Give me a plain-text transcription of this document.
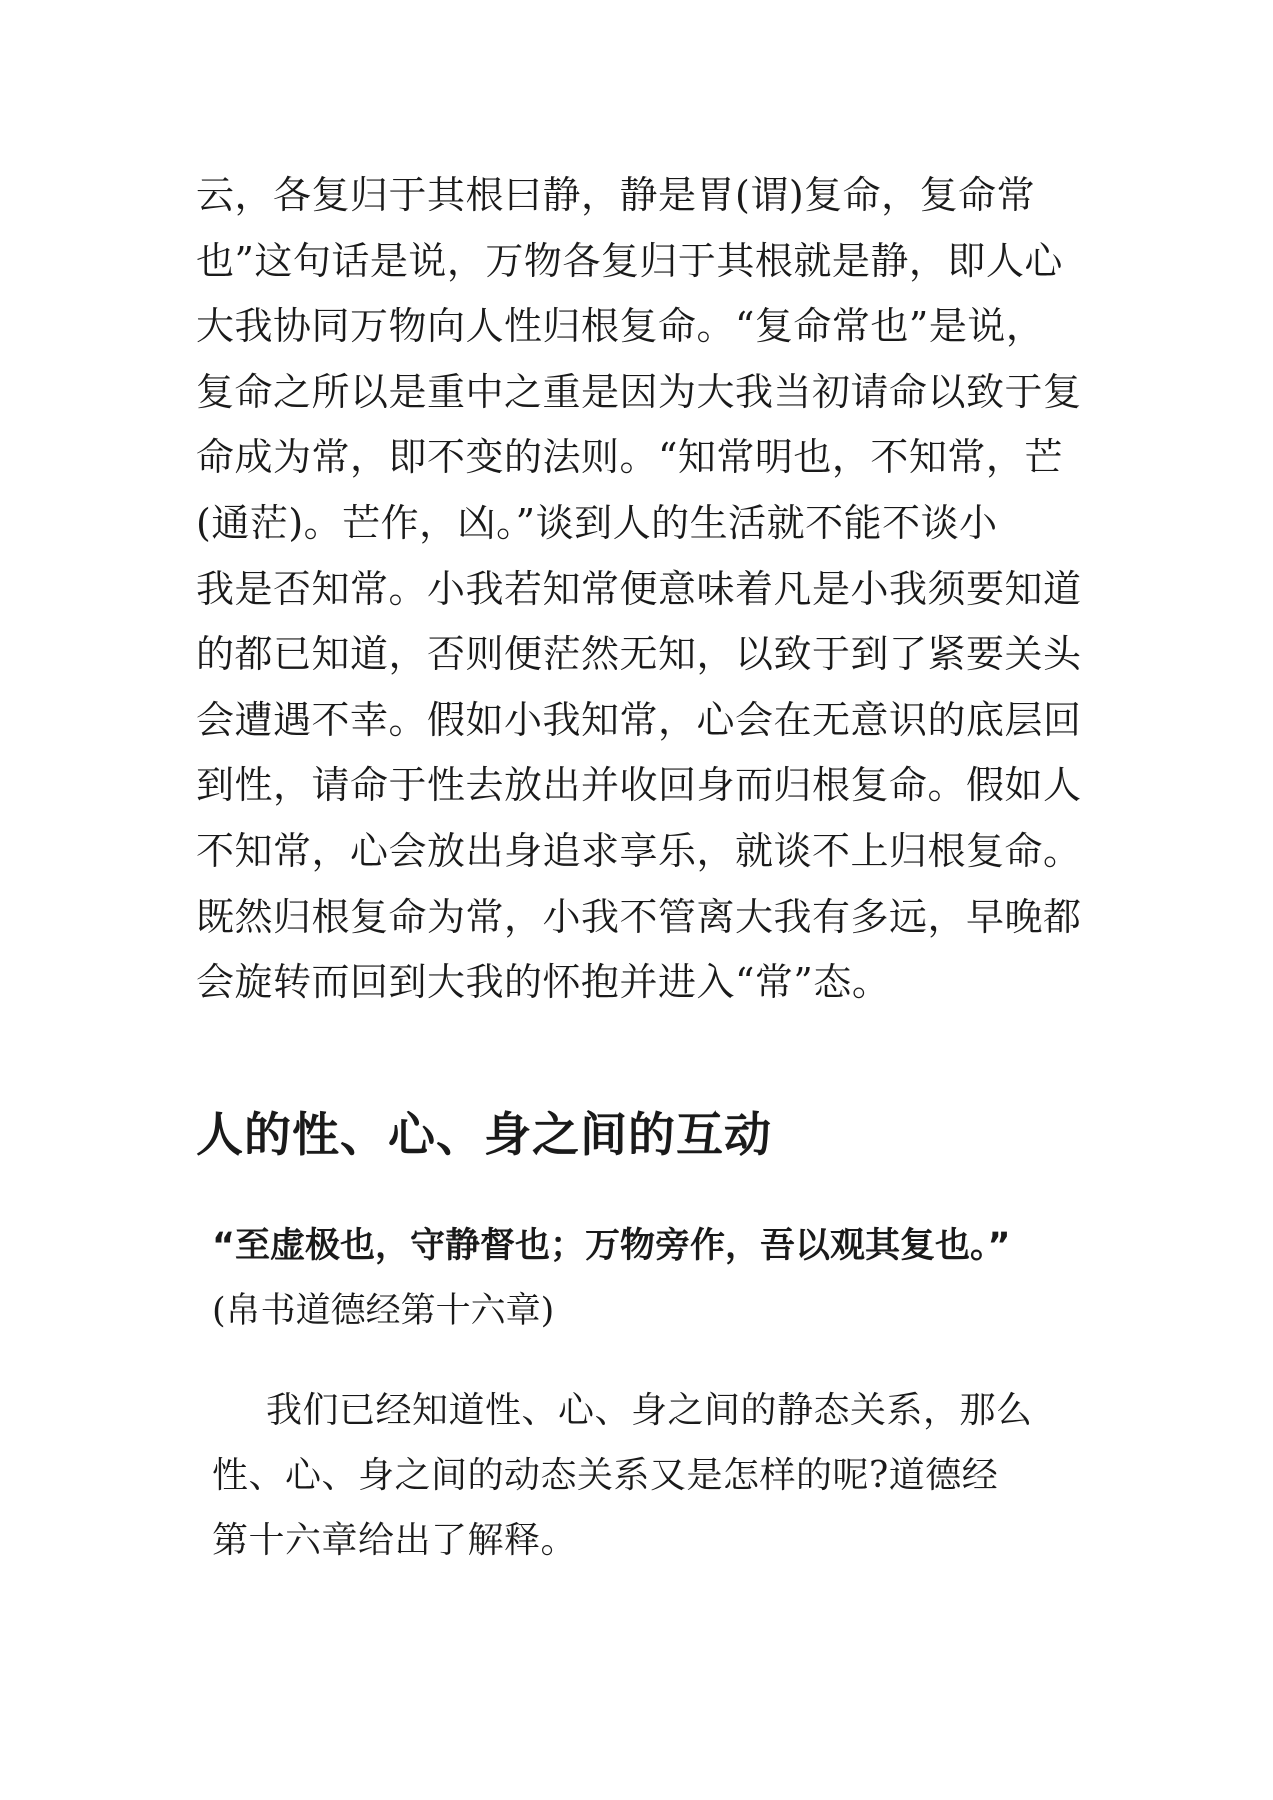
云，各复归于其根曰静，静是胃(谓)复命，复命常
也”这句话是说，万物各复归于其根就是静，即人心
大我协同万物向人性归根复命。“复命常也”是说，
复命之所以是重中之重是因为大我当初请命以致于复
命成为常，即不变的法则。“知常明也，不知常，芒
(通茫)。芒作，凶。”谈到人的生活就不能不谈小
我是否知常。小我若知常便意味着凡是小我须要知道
的都已知道，否则便茫然无知，以致于到了紧要关头
会遭遇不幸。假如小我知常，心会在无意识的底层回
到性，请命于性去放出并收回身而归根复命。假如人
不知常，心会放出身追求享乐，就谈不上归根复命。
既然归根复命为常，小我不管离大我有多远，早晚都
会旋转而回到大我的怀抱并进入“常”态。
人的性、心、身之间的互动

“至虚极也，守静督也；万物旁作，吾以观其复也。”

(帛书道德经第十六章)

我们已经知道性、心、身之间的静态关系，那么
性、心、身之间的动态关系又是怎样的呢?道德经
第十六章给出了解释。
